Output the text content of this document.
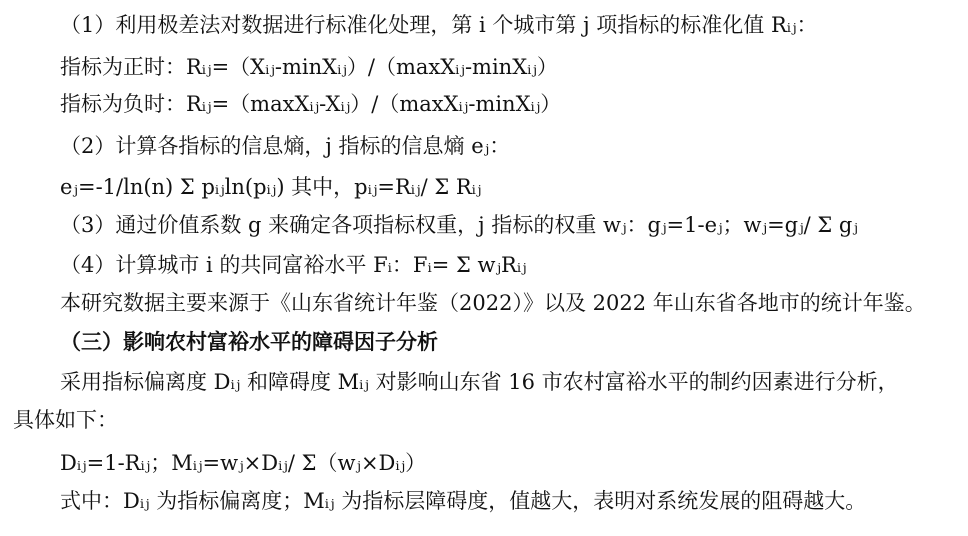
（1）利用极差法对数据进行标准化处理，第 i 个城市第 j 项指标的标准化值 Rᵢⱼ：
指标为正时：Rᵢⱼ=（Xᵢⱼ-minXᵢⱼ）/（maxXᵢⱼ-minXᵢⱼ）
指标为负时：Rᵢⱼ=（maxXᵢⱼ-Xᵢⱼ）/（maxXᵢⱼ-minXᵢⱼ）
（2）计算各指标的信息熵，j 指标的信息熵 eⱼ：
eⱼ=-1/ln(n) Σ pᵢⱼln(pᵢⱼ) 其中，pᵢⱼ=Rᵢⱼ/ Σ Rᵢⱼ
（3）通过价值系数 g 来确定各项指标权重，j 指标的权重 wⱼ：gⱼ=1-eⱼ；wⱼ=gⱼ/ Σ gⱼ
（4）计算城市 i 的共同富裕水平 Fᵢ：Fᵢ= Σ wⱼRᵢⱼ
本研究数据主要来源于《山东省统计年鉴（2022）》以及 2022 年山东省各地市的统计年鉴。
（三）影响农村富裕水平的障碍因子分析
采用指标偏离度 Dᵢⱼ 和障碍度 Mᵢⱼ 对影响山东省 16 市农村富裕水平的制约因素进行分析，
具体如下：
Dᵢⱼ=1-Rᵢⱼ；Mᵢⱼ=wⱼ×Dᵢⱼ/ Σ（wⱼ×Dᵢⱼ）
式中：Dᵢⱼ 为指标偏离度；Mᵢⱼ 为指标层障碍度，值越大，表明对系统发展的阻碍越大。
